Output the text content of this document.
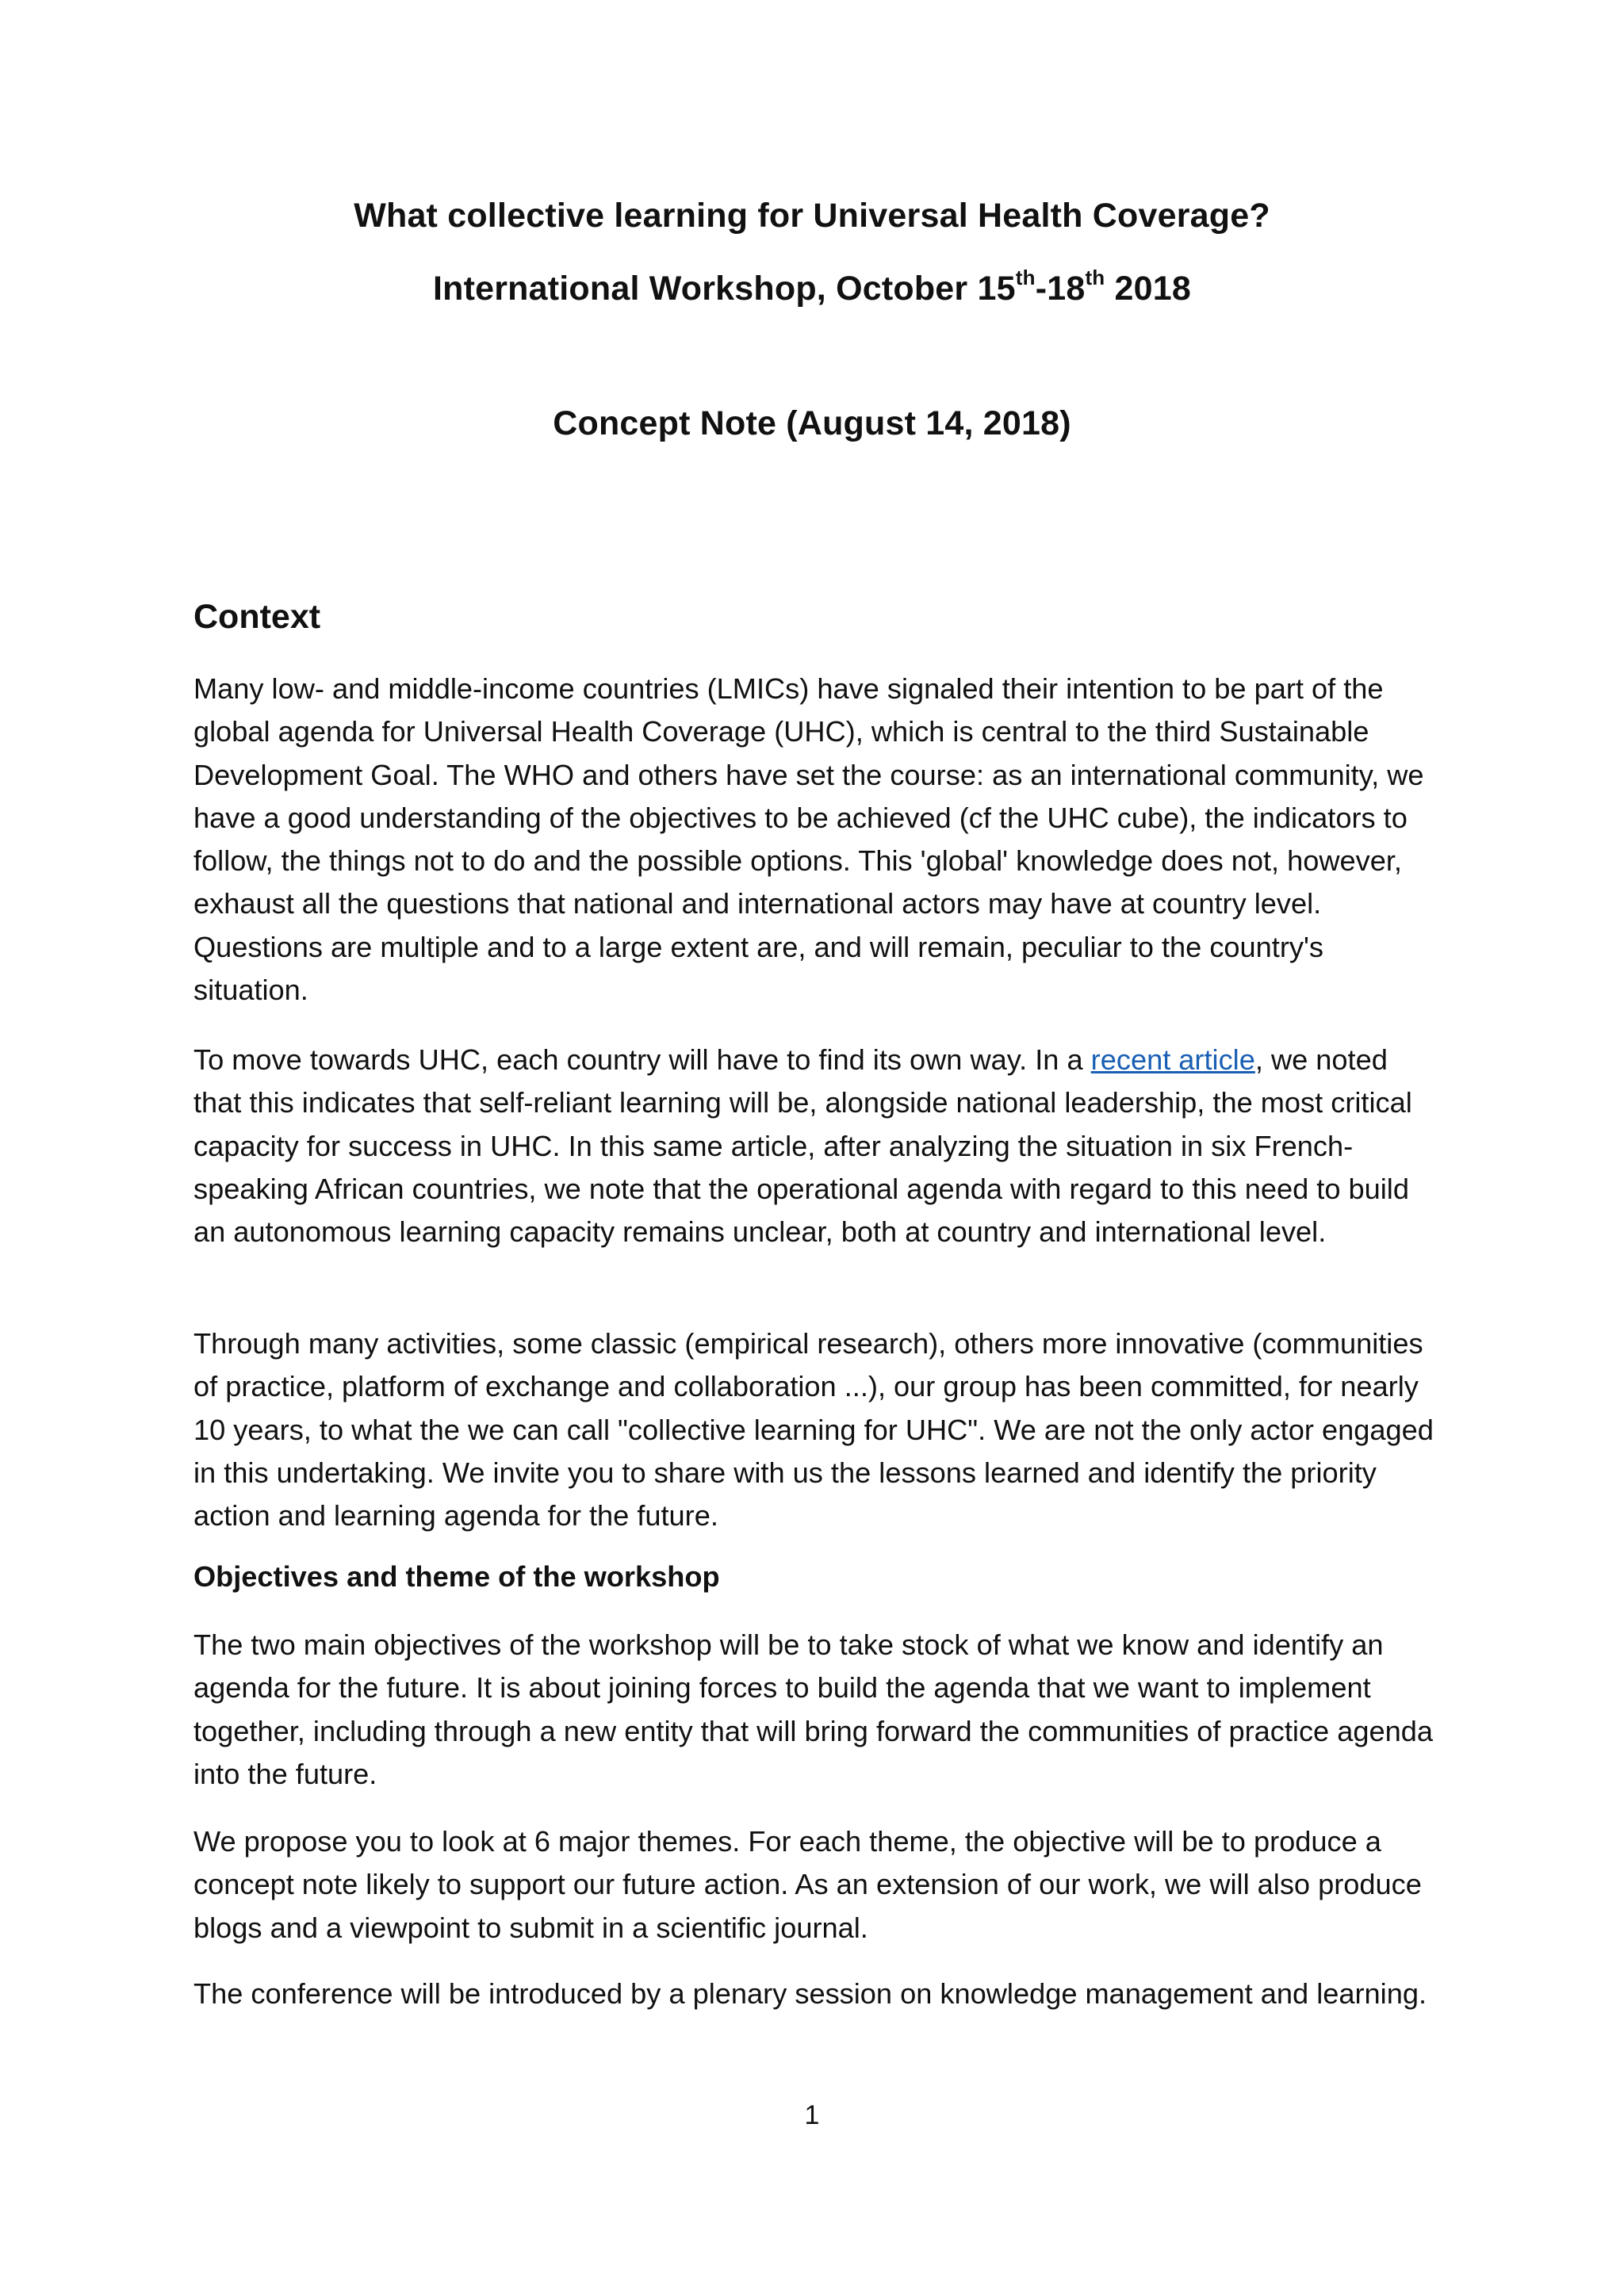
What collective learning for Universal Health Coverage?
International Workshop, October 15th-18th 2018
Concept Note (August 14, 2018)
Context
Many low- and middle-income countries (LMICs) have signaled their intention to be part of the global agenda for Universal Health Coverage (UHC), which is central to the third Sustainable Development Goal. The WHO and others have set the course: as an international community, we have a good understanding of the objectives to be achieved (cf the UHC cube), the indicators to follow, the things not to do and the possible options. This 'global' knowledge does not, however, exhaust all the questions that national and international actors may have at country level. Questions are multiple and to a large extent are, and will remain, peculiar to the country's situation.
To move towards UHC, each country will have to find its own way. In a recent article, we noted that this indicates that self-reliant learning will be, alongside national leadership, the most critical capacity for success in UHC. In this same article, after analyzing the situation in six French-speaking African countries, we note that the operational agenda with regard to this need to build an autonomous learning capacity remains unclear, both at country and international level.
Through many activities, some classic (empirical research), others more innovative (communities of practice, platform of exchange and collaboration ...), our group has been committed, for nearly 10 years, to what the we can call "collective learning for UHC". We are not the only actor engaged in this undertaking. We invite you to share with us the lessons learned and identify the priority action and learning agenda for the future.
Objectives and theme of the workshop
The two main objectives of the workshop will be to take stock of what we know and identify an agenda for the future. It is about joining forces to build the agenda that we want to implement together, including through a new entity that will bring forward the communities of practice agenda into the future.
We propose you to look at 6 major themes. For each theme, the objective will be to produce a concept note likely to support our future action. As an extension of our work, we will also produce blogs and a viewpoint to submit in a scientific journal.
The conference will be introduced by a plenary session on knowledge management and learning.
1
